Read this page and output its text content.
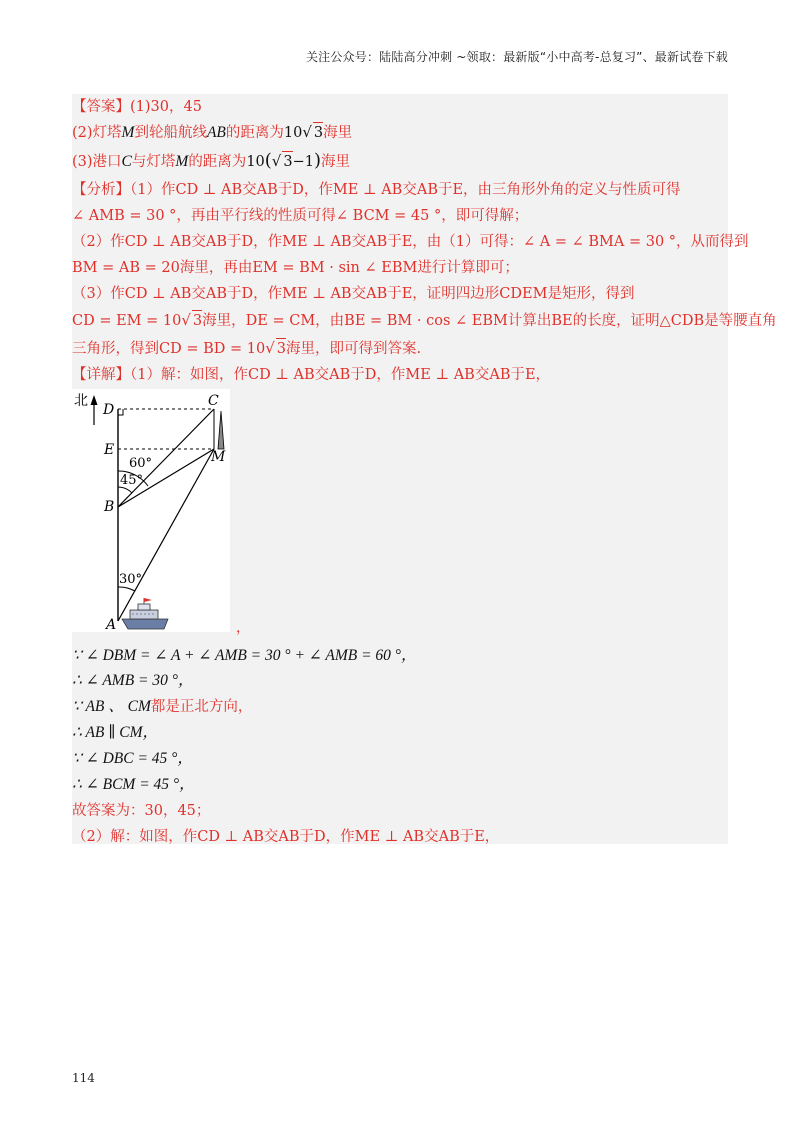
关注公众号：陆陆高分冲刺 ~领取：最新版“小中高考-总复习”、最新试卷下载
【答案】(1)30，45
(2)灯塔M到轮船航线AB的距离为10√ 3海里
(3)港口C与灯塔M的距离为10(√ 3−1)海里
【分析】（1）作CD ⊥ AB交AB于D，作ME ⊥ AB交AB于E，由三角形外角的定义与性质可得
∠ AMB = 30 °，再由平行线的性质可得∠ BCM = 45 °，即可得解；
（2）作CD ⊥ AB交AB于D，作ME ⊥ AB交AB于E，由（1）可得：∠ A = ∠ BMA = 30 °，从而得到
BM = AB = 20海里，再由EM = BM · sin ∠ EBM进行计算即可；
（3）作CD ⊥ AB交AB于D，作ME ⊥ AB交AB于E，证明四边形CDEM是矩形，得到
CD = EM = 10√ 3海里，DE = CM，由BE = BM · cos ∠ EBM计算出BE的长度，证明△CDB是等腰直角
三角形，得到CD = BD = 10√ 3海里，即可得到答案.
【详解】（1）解：如图，作CD ⊥ AB交AB于D，作ME ⊥ AB交AB于E，
北
60°
45°
30°
D
C
E	M
B
A	，
∵ ∠ DBM = ∠ A + ∠ AMB = 30 ° + ∠ AMB = 60 °，
∴ ∠ AMB = 30 °，
∵ AB 、 CM都是正北方向，
∴ AB ∥ CM，
∵ ∠ DBC = 45 °，
∴ ∠ BCM = 45 °，
故答案为：30，45；
（2）解：如图，作CD ⊥ AB交AB于D，作ME ⊥ AB交AB于E，
114
